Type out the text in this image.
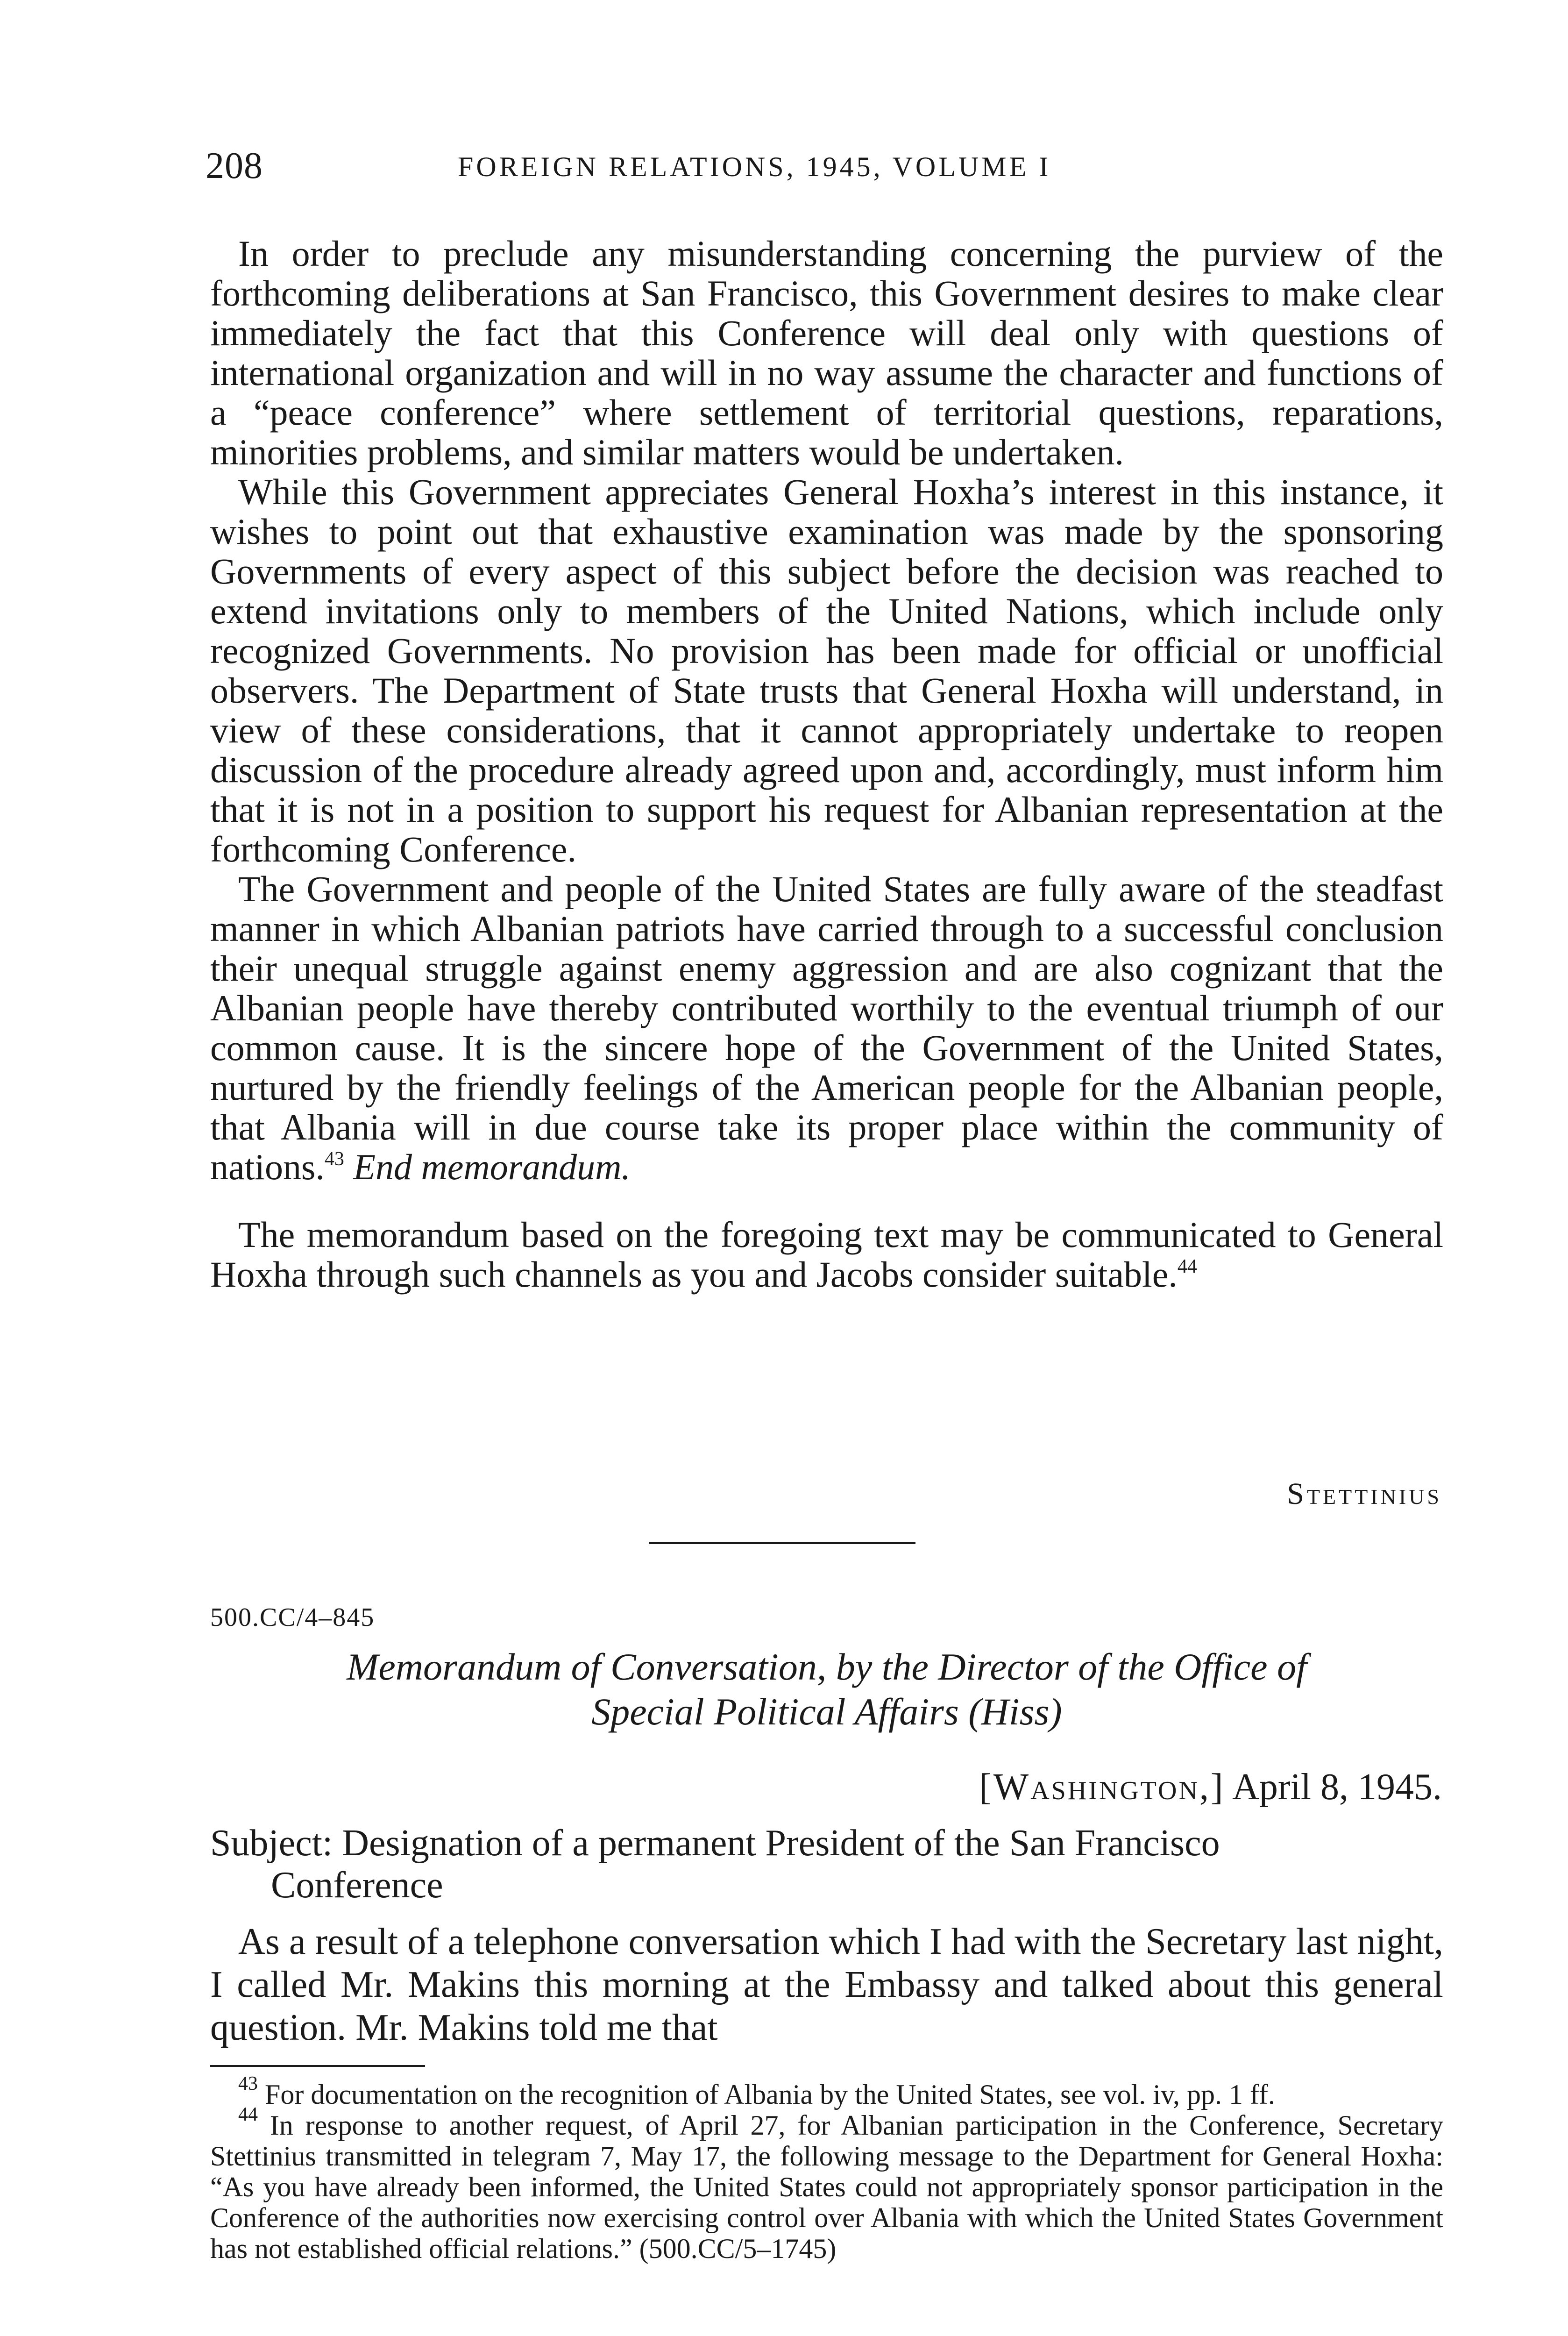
208	FOREIGN RELATIONS, 1945, VOLUME I

In order to preclude any misunderstanding concerning the purview of the forthcoming deliberations at San Francisco, this Government desires to make clear immediately the fact that this Conference will deal only with questions of international organization and will in no way assume the character and functions of a “peace conference” where settlement of territorial questions, reparations, minorities problems, and similar matters would be undertaken.

While this Government appreciates General Hoxha’s interest in this instance, it wishes to point out that exhaustive examination was made by the sponsoring Governments of every aspect of this subject before the decision was reached to extend invitations only to members of the United Nations, which include only recognized Governments. No provision has been made for official or unofficial observers. The Department of State trusts that General Hoxha will understand, in view of these considerations, that it cannot appropriately undertake to reopen discussion of the procedure already agreed upon and, accordingly, must inform him that it is not in a position to support his request for Albanian representation at the forthcoming Conference.

The Government and people of the United States are fully aware of the steadfast manner in which Albanian patriots have carried through to a successful conclusion their unequal struggle against enemy aggression and are also cognizant that the Albanian people have thereby contributed worthily to the eventual triumph of our common cause. It is the sincere hope of the Government of the United States, nurtured by the friendly feelings of the American people for the Albanian people, that Albania will in due course take its proper place within the community of nations.$^{43}$ End memorandum.

The memorandum based on the foregoing text may be communicated to General Hoxha through such channels as you and Jacobs consider suitable.$^{44}$

Stettinius
500.CC/4–845
Memorandum of Conversation, by the Director of the Office of
Special Political Affairs (Hiss)
[Washington,] April 8, 1945.
Subject: Designation of a permanent President of the San Francisco
Conference
As a result of a telephone conversation which I had with the Secretary last night, I called Mr. Makins this morning at the Embassy and talked about this general question. Mr. Makins told me that

$^{43}$ For documentation on the recognition of Albania by the United States, see vol. iv, pp. 1 ff.

$^{44}$ In response to another request, of April 27, for Albanian participation in the Conference, Secretary Stettinius transmitted in telegram 7, May 17, the following message to the Department for General Hoxha: “As you have already been informed, the United States could not appropriately sponsor participation in the Conference of the authorities now exercising control over Albania with which the United States Government has not established official relations.” (500.CC/5–1745)
